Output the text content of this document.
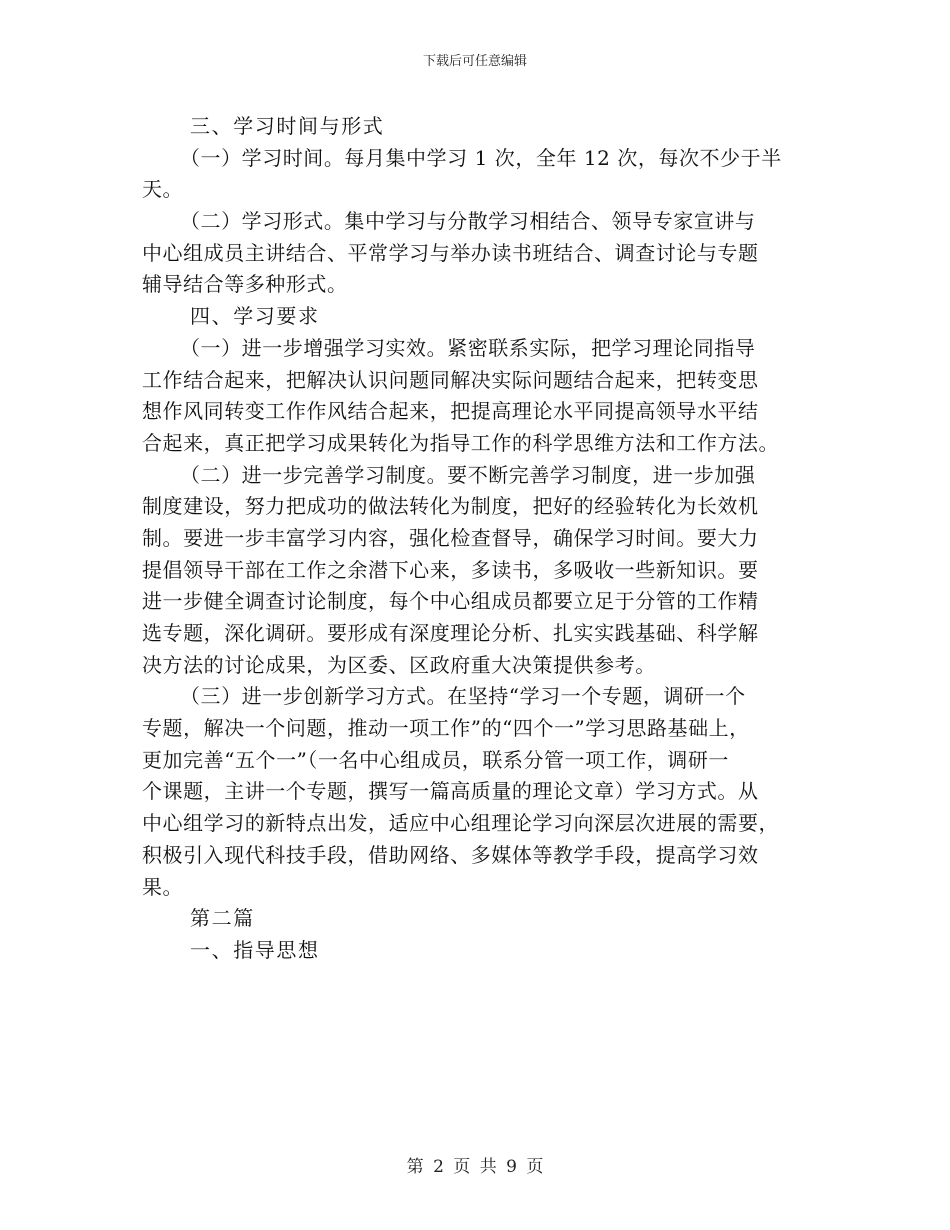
下载后可任意编辑
三、学习时间与形式
（一）学习时间。每月集中学习 1 次，全年 12 次，每次不少于半
天。
（二）学习形式。集中学习与分散学习相结合、领导专家宣讲与
中心组成员主讲结合、平常学习与举办读书班结合、调查讨论与专题
辅导结合等多种形式。
四、学习要求
（一）进一步增强学习实效。紧密联系实际，把学习理论同指导
工作结合起来，把解决认识问题同解决实际问题结合起来，把转变思
想作风同转变工作作风结合起来，把提高理论水平同提高领导水平结
合起来，真正把学习成果转化为指导工作的科学思维方法和工作方法。
（二）进一步完善学习制度。要不断完善学习制度，进一步加强
制度建设，努力把成功的做法转化为制度，把好的经验转化为长效机
制。要进一步丰富学习内容，强化检查督导，确保学习时间。要大力
提倡领导干部在工作之余潜下心来，多读书，多吸收一些新知识。要
进一步健全调查讨论制度，每个中心组成员都要立足于分管的工作精
选专题，深化调研。要形成有深度理论分析、扎实实践基础、科学解
决方法的讨论成果，为区委、区政府重大决策提供参考。
（三）进一步创新学习方式。在坚持“学习一个专题，调研一个
专题，解决一个问题，推动一项工作”的“四个一”学习思路基础上，
更加完善“五个一”（一名中心组成员，联系分管一项工作，调研一
个课题，主讲一个专题，撰写一篇高质量的理论文章）学习方式。从
中心组学习的新特点出发，适应中心组理论学习向深层次进展的需要，
积极引入现代科技手段，借助网络、多媒体等教学手段，提高学习效
果。
第二篇
一、指导思想
第 2 页 共 9 页
